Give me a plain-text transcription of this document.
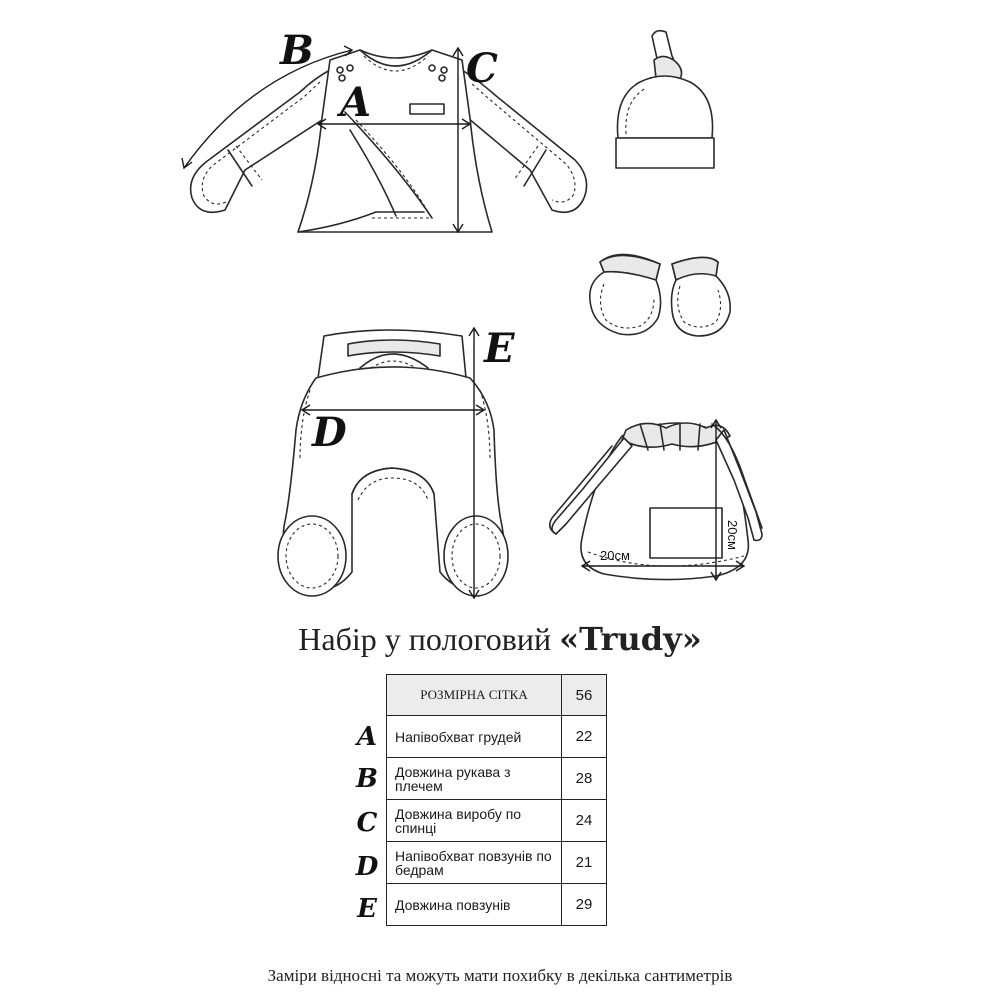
B
A
C
E
D
20см
20см
Набір у пологовий «Trudy»
РОЗМІРНА СІТКА	56
Напівобхват грудей	22
Довжина рукава з плечем	28
Довжина виробу по спинці	24
Напівобхват повзунів по бедрам	21
Довжина повзунів	29
A
B
C
D
E
Заміри відносні та можуть мати похибку в декілька сантиметрів
